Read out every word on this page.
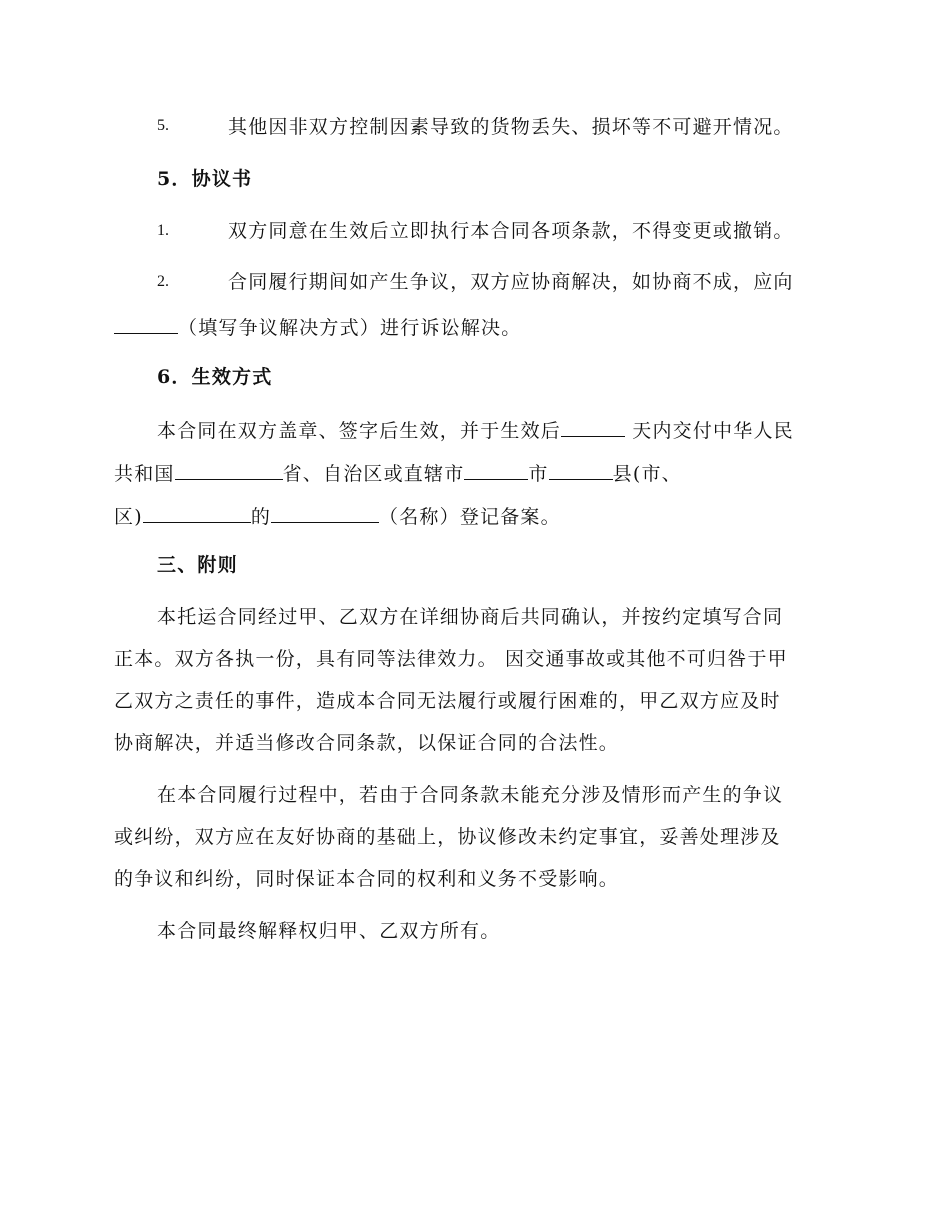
5.	其他因非双方控制因素导致的货物丢失、损坏等不可避开情况。
5．协议书
1.	双方同意在生效后立即执行本合同各项条款，不得变更或撤销。
2.	合同履行期间如产生争议，双方应协商解决，如协商不成，应向
（填写争议解决方式）进行诉讼解决。
6．生效方式
本合同在双方盖章、签字后生效，并于生效后	天内交付中华人民
共和国	省、自治区或直辖市	市	县(市、
区)	的	（名称）登记备案。
三、附则
本托运合同经过甲、乙双方在详细协商后共同确认，并按约定填写合同
正本。双方各执一份，具有同等法律效力。 因交通事故或其他不可归咎于甲
乙双方之责任的事件，造成本合同无法履行或履行困难的，甲乙双方应及时
协商解决，并适当修改合同条款，以保证合同的合法性。
在本合同履行过程中，若由于合同条款未能充分涉及情形而产生的争议
或纠纷，双方应在友好协商的基础上，协议修改未约定事宜，妥善处理涉及
的争议和纠纷，同时保证本合同的权利和义务不受影响。
本合同最终解释权归甲、乙双方所有。
